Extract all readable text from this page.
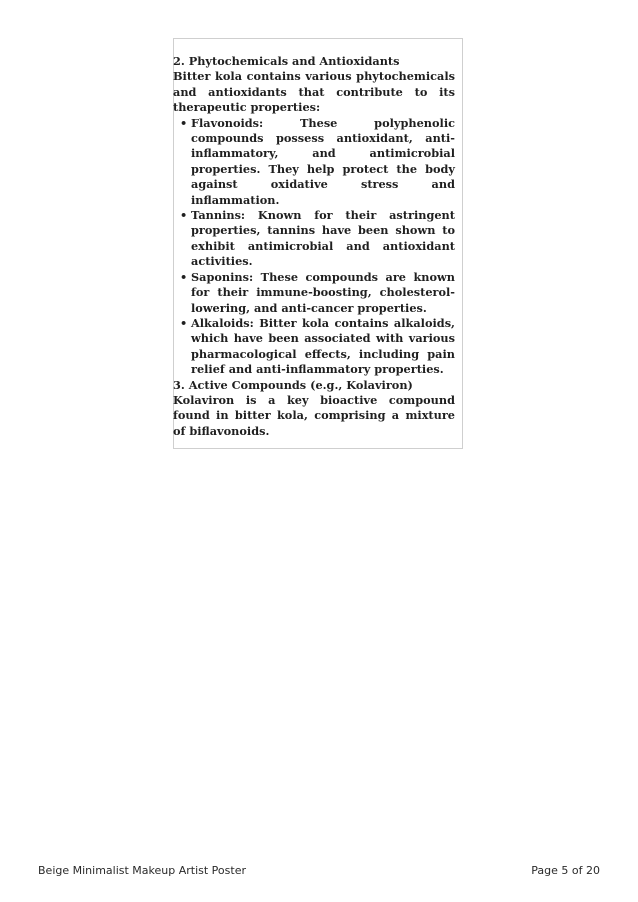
2. Phytochemicals and Antioxidants

Bitter kola contains various phytochemicals and antioxidants that contribute to its therapeutic properties:

• Flavonoids: These polyphenolic compounds possess antioxidant, anti-inflammatory, and antimicrobial properties. They help protect the body against oxidative stress and inflammation.
• Tannins: Known for their astringent properties, tannins have been shown to exhibit antimicrobial and antioxidant activities.
• Saponins: These compounds are known for their immune-boosting, cholesterol-lowering, and anti-cancer properties.
• Alkaloids: Bitter kola contains alkaloids, which have been associated with various pharmacological effects, including pain relief and anti-inflammatory properties.

3. Active Compounds (e.g., Kolaviron)

Kolaviron is a key bioactive compound found in bitter kola, comprising a mixture of biflavonoids.

Beige Minimalist Makeup Artist Poster	Page 5 of 20
